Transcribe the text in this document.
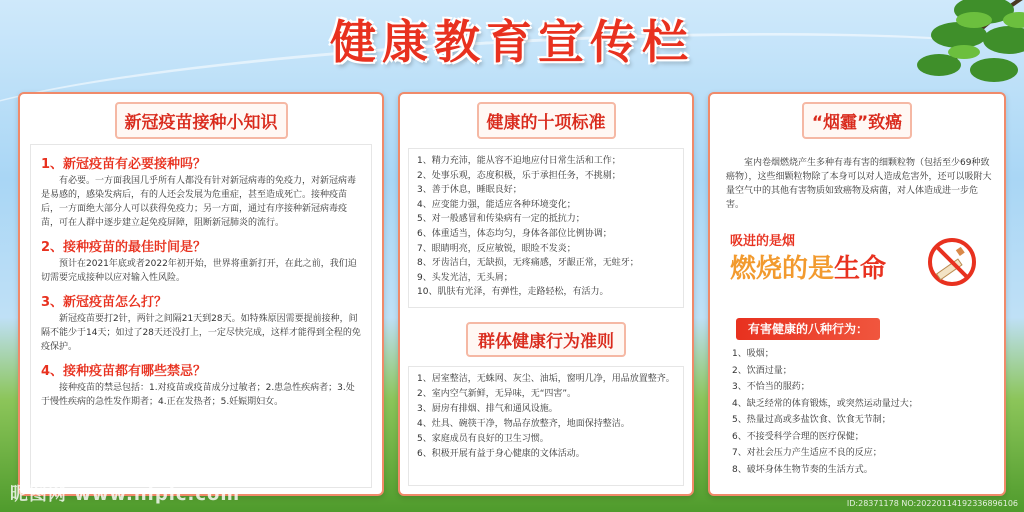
健康教育宣传栏
新冠疫苗接种小知识
1、新冠疫苗有必要接种吗？
有必要。一方面我国几乎所有人都没有针对新冠病毒的免疫力，对新冠病毒是易感的，感染发病后，有的人还会发展为危重症，甚至造成死亡。接种疫苗后，一方面绝大部分人可以获得免疫力；另一方面，通过有序接种新冠病毒疫苗，可在人群中逐步建立起免疫屏障，阻断新冠肺炎的流行。
2、接种疫苗的最佳时间是？
预计在2021年底或者2022年初开始，世界将重新打开，在此之前，我们迫切需要完成接种以应对输入性风险。
3、新冠疫苗怎么打？
新冠疫苗要打2针，两针之间隔21天到28天。如特殊原因需要提前接种，间隔不能少于14天；如过了28天还没打上，一定尽快完成，这样才能得到全程的免疫保护。
4、接种疫苗都有哪些禁忌？
接种疫苗的禁忌包括：1.对疫苗或疫苗成分过敏者；2.患急性疾病者；3.处于慢性疾病的急性发作期者；4.正在发热者；5.妊娠期妇女。
健康的十项标准
1、精力充沛，能从容不迫地应付日常生活和工作；
2、处事乐观，态度积极，乐于承担任务，不挑剔；
3、善于休息，睡眠良好；
4、应变能力强，能适应各种环境变化；
5、对一般感冒和传染病有一定的抵抗力；
6、体重适当，体态均匀，身体各部位比例协调；
7、眼睛明亮，反应敏锐，眼睑不发炎；
8、牙齿洁白，无缺损，无疼痛感，牙龈正常，无蛀牙；
9、头发光洁，无头屑；
10、肌肤有光泽，有弹性，走路轻松，有活力。
群体健康行为准则
1、居室整洁，无蛛网、灰尘、油垢，窗明几净，用品放置整齐。
2、室内空气新鲜，无异味，无“四害”。
3、厨房有排烟、排气和通风设施。
4、灶具、碗筷干净，物品存放整齐，地面保持整洁。
5、家庭成员有良好的卫生习惯。
6、积极开展有益于身心健康的文体活动。
“烟霾”致癌
室内卷烟燃烧产生多种有毒有害的细颗粒物（包括至少69种致癌物），这些细颗粒物除了本身可以对人造成危害外，还可以吸附大量空气中的其他有害物质如致癌物及病菌，对人体造成进一步危害。
吸进的是烟
燃烧的是生命
有害健康的八种行为：
1、吸烟；
2、饮酒过量；
3、不恰当的服药；
4、缺乏经常的体育锻炼，或突然运动量过大；
5、热量过高或多盐饮食、饮食无节制；
6、不接受科学合理的医疗保健；
7、对社会压力产生适应不良的反应；
8、破坏身体生物节奏的生活方式。
昵图网 www.nipic.com	ID:28371178 NO:20220114192336896106
